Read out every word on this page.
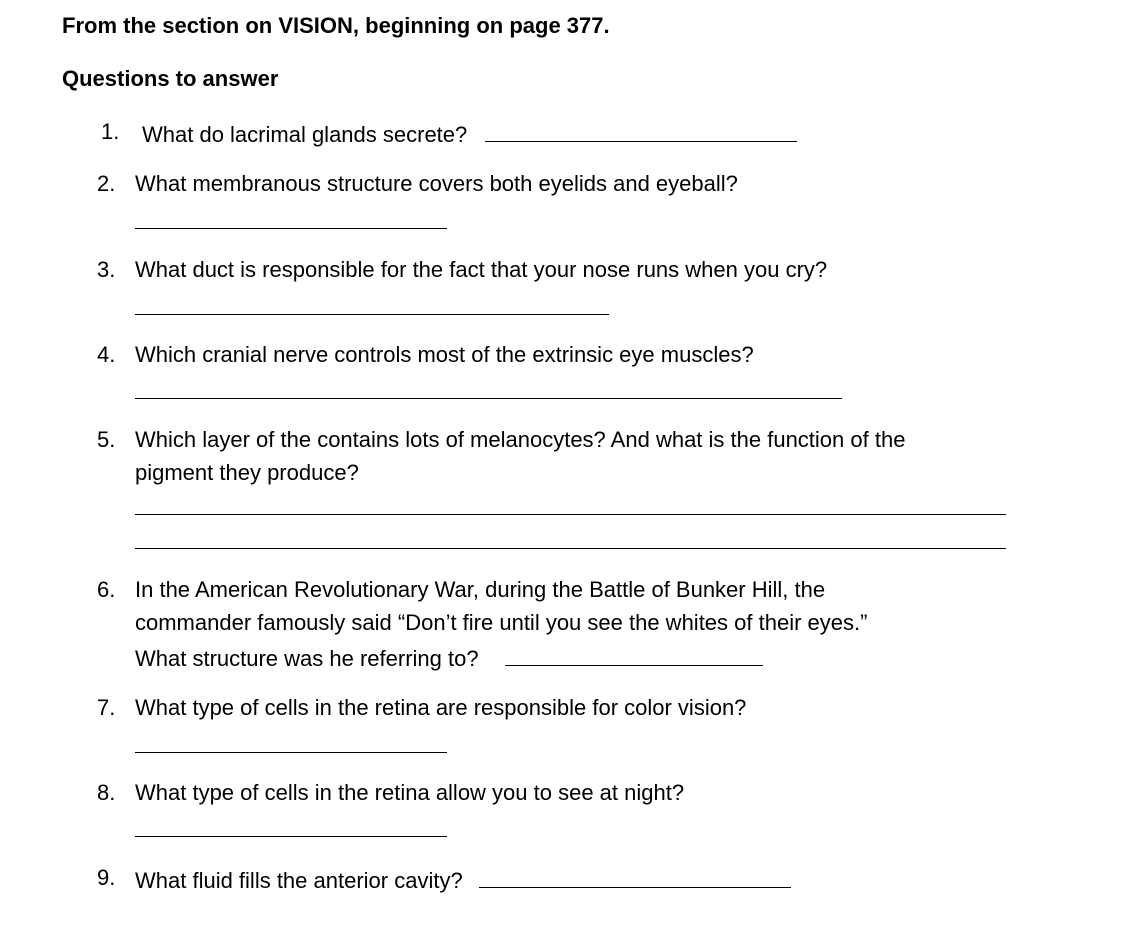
From the section on VISION, beginning on page 377.
Questions to answer
1.	What do lacrimal glands secrete?
2. What membranous structure covers both eyelids and eyeball?
3. What duct is responsible for the fact that your nose runs when you cry?
4. Which cranial nerve controls most of the extrinsic eye muscles?
5. Which layer of the contains lots of melanocytes? And what is the function of the
pigment they produce?
6. In the American Revolutionary War, during the Battle of Bunker Hill, the
commander famously said “Don’t fire until you see the whites of their eyes.”
What structure was he referring to?
7. What type of cells in the retina are responsible for color vision?
8. What type of cells in the retina allow you to see at night?
9. What fluid fills the anterior cavity?
